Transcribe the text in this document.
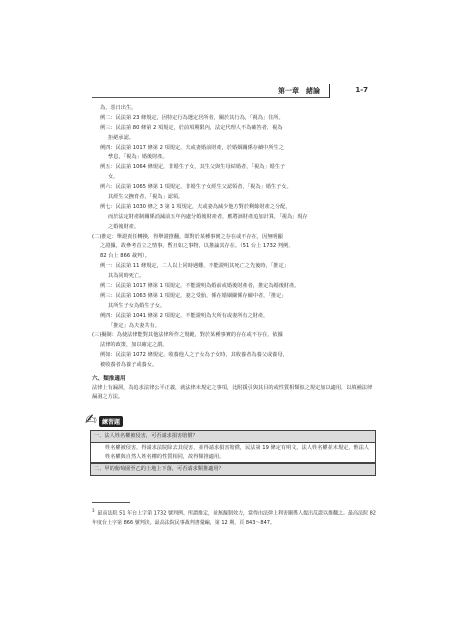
第一章　緒論	1-7
為，惡日出生。
例二：民法第 23 條規定，因特定行為選定居所者，關於其行為，「視為」住所。
例三：民法第 80 條第 2 項規定，於前項期限內，法定代理人不為確答者，視為
拒絕承認。
例四：民法第 1017 條第 2 項規定，夫或妻婚前財產，於婚姻關係存續中所生之
孳息，「視為」婚後財產。
例五：民法第 1064 條規定，非婚生子女，其生父與生母結婚者，「視為」婚生子
女。
例六：民法第 1065 條第 1 項規定，非婚生子女經生父認領者，「視為」婚生子女。
其經生父撫育者，「視為」認領。
例七：民法第 1030 條之 3 第 1 項規定，夫或妻為減少他方對於剩餘財產之分配，
而於法定財產制關係消滅前五年內處分婚後財產者，應將該財產追加計算，「視為」現存
之婚後財產。
(二)推定：舉證責任轉換，得舉證推翻。即對於某種事實之存在或不存在，因無明顯
之證據，故參考首立之情事，暫且如之事物，以推論其存在。（51 台上 1732 判例、
82 台上 866 裁判）。
例一：民法第 11 條規定，二人以上同時遇難，不能證明其死亡之先後時，「推定」
其為同時死亡。
例二：民法第 1017 條第 1 項規定，不能證明為婚前或婚後財產者，推定為婚後財產。
例三：民法第 1063 條第 1 項規定，妻之受胎，係在婚姻關係存續中者，「推定」
其所生子女為婚生子女。
例四：民法第 1041 條第 2 項規定，不能證明為夫所有或妻所有之財產，
「推定」為夫妻共有。
(三)擬制：為使法律能對其他法律所作之規範，對於某種事實的存在或不存在，依據
法律的政策，加以確定之謂。
例如：民法第 1072 條規定，收養他人之子女為子女時，其收養者為養父或養母，
被收養者為養子或養女。
六、類推適用
法律上有漏洞，為追求法律公平正義，就法律未規定之事項，比附援引與其目的或性質相類似之規定加以適用，以填補法律漏洞之方法。
✍ 練習題
一、法人姓名權被侵害，可否請求損害賠償？
姓名權被侵害，得請求法院除去其侵害，並得請求損害賠償，民法第 19 條定有明文。法人姓名權並未規定，惟法人姓名權與自然人姓名權的性質相同，故得類推適用。
二、甲的葡萄園至乙的土地上下落，可否請求類推適用？
$^3$最高法院 51 年台上字第 1732 號判例、所謂推定，並無擬制效力，當得由法律上利害關係人提出反證以推翻之。最高法院 82 年度台上字第 866 號判決。最高法院民事裁判書彙編，第 12 期，頁 843～847。
